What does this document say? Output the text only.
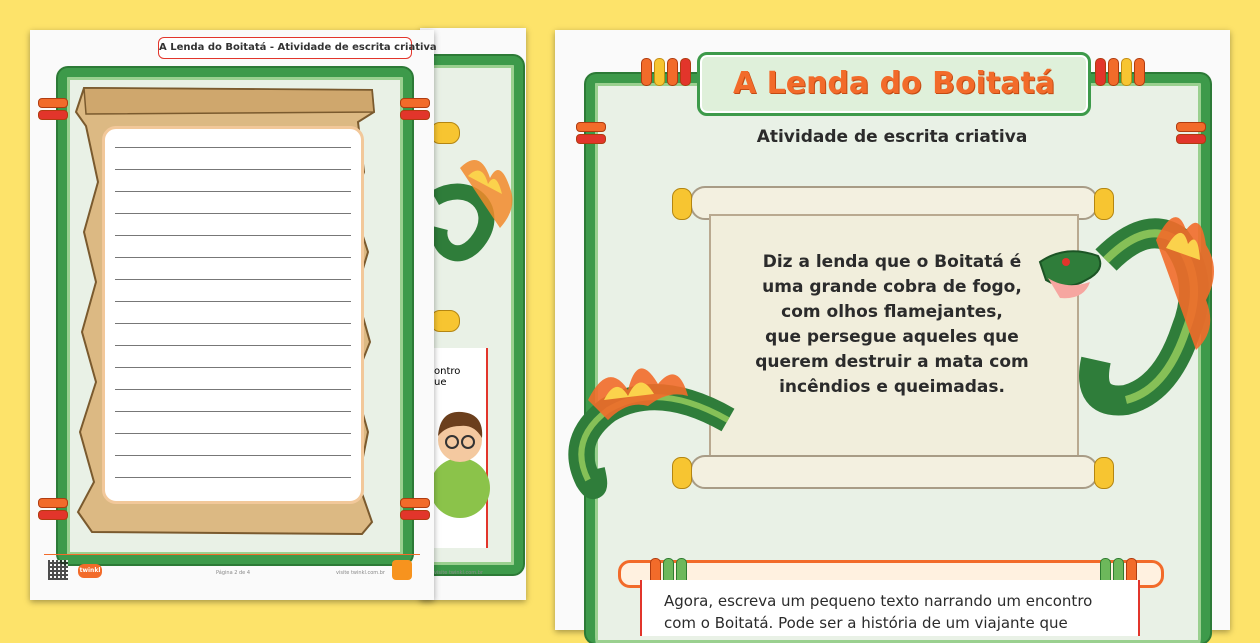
ontro
ue
visite twinkl.com.br
A Lenda do Boitatá - Atividade de escrita criativa
twinkl	Página 2 de 4	visite twinkl.com.br
A Lenda do Boitatá
Atividade de escrita criativa
Diz a lenda que o Boitatá é
uma grande cobra de fogo,
com olhos flamejantes,
que persegue aqueles que
querem destruir a mata com
incêndios e queimadas.
Agora, escreva um pequeno texto narrando um encontro
com o Boitatá. Pode ser a história de um viajante que
